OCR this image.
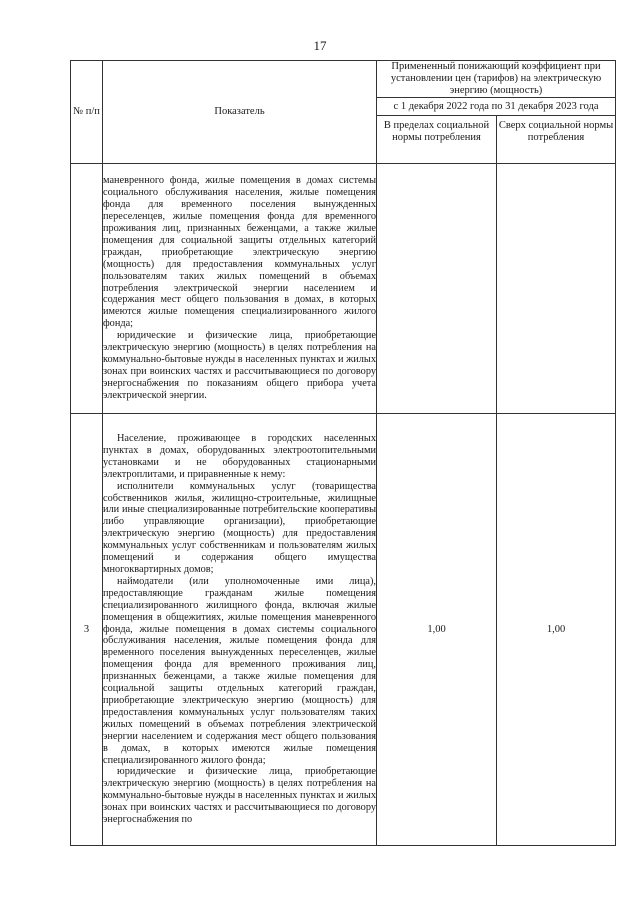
17
№ п/п	Показатель	Примененный понижающий коэффициент при установлении цен (тарифов) на электрическую энергию (мощность)	
		с 1 декабря 2022 года по 31 декабря 2023 года	
		В пределах социальной нормы потребления	Сверх социальной нормы потребления

	маневренного фонда, жилые помещения в домах системы социального обслуживания населения, жилые помещения фонда для временного поселения вынужденных переселенцев, жилые помещения фонда для временного проживания лиц, признанных беженцами, а также жилые помещения для социальной защиты отдельных категорий граждан, приобретающие электрическую энергию (мощность) для предоставления коммунальных услуг пользователям таких жилых помещений в объемах потребления электрической энергии населением и содержания мест общего пользования в домах, в которых имеются жилые помещения специализированного жилого фонда;

юридические и физические лица, приобретающие электрическую энергию (мощность) в целях потребления на коммунально-бытовые нужды в населенных пунктах и жилых зонах при воинских частях и рассчитывающиеся по договору энергоснабжения по показаниям общего прибора учета электрической энергии.		

3	Население, проживающее в городских населенных пунктах в домах, оборудованных электроотопительными установками и не оборудованных стационарными электроплитами, и приравненные к нему:

исполнители коммунальных услуг (товарищества собственников жилья, жилищно-строительные, жилищные или иные специализированные потребительские кооперативы либо управляющие организации), приобретающие электрическую энергию (мощность) для предоставления коммунальных услуг собственникам и пользователям жилых помещений и содержания общего имущества многоквартирных домов;

наймодатели (или уполномоченные ими лица), предоставляющие гражданам жилые помещения специализированного жилищного фонда, включая жилые помещения в общежитиях, жилые помещения маневренного фонда, жилые помещения в домах системы социального обслуживания населения, жилые помещения фонда для временного поселения вынужденных переселенцев, жилые помещения фонда для временного проживания лиц, признанных беженцами, а также жилые помещения для социальной защиты отдельных категорий граждан, приобретающие электрическую энергию (мощность) для предоставления коммунальных услуг пользователям таких жилых помещений в объемах потребления электрической энергии населением и содержания мест общего пользования в домах, в которых имеются жилые помещения специализированного жилого фонда;

юридические и физические лица, приобретающие электрическую энергию (мощность) в целях потребления на коммунально-бытовые нужды в населенных пунктах и жилых зонах при воинских частях и рассчитывающиеся по договору энергоснабжения по	1,00	1,00
